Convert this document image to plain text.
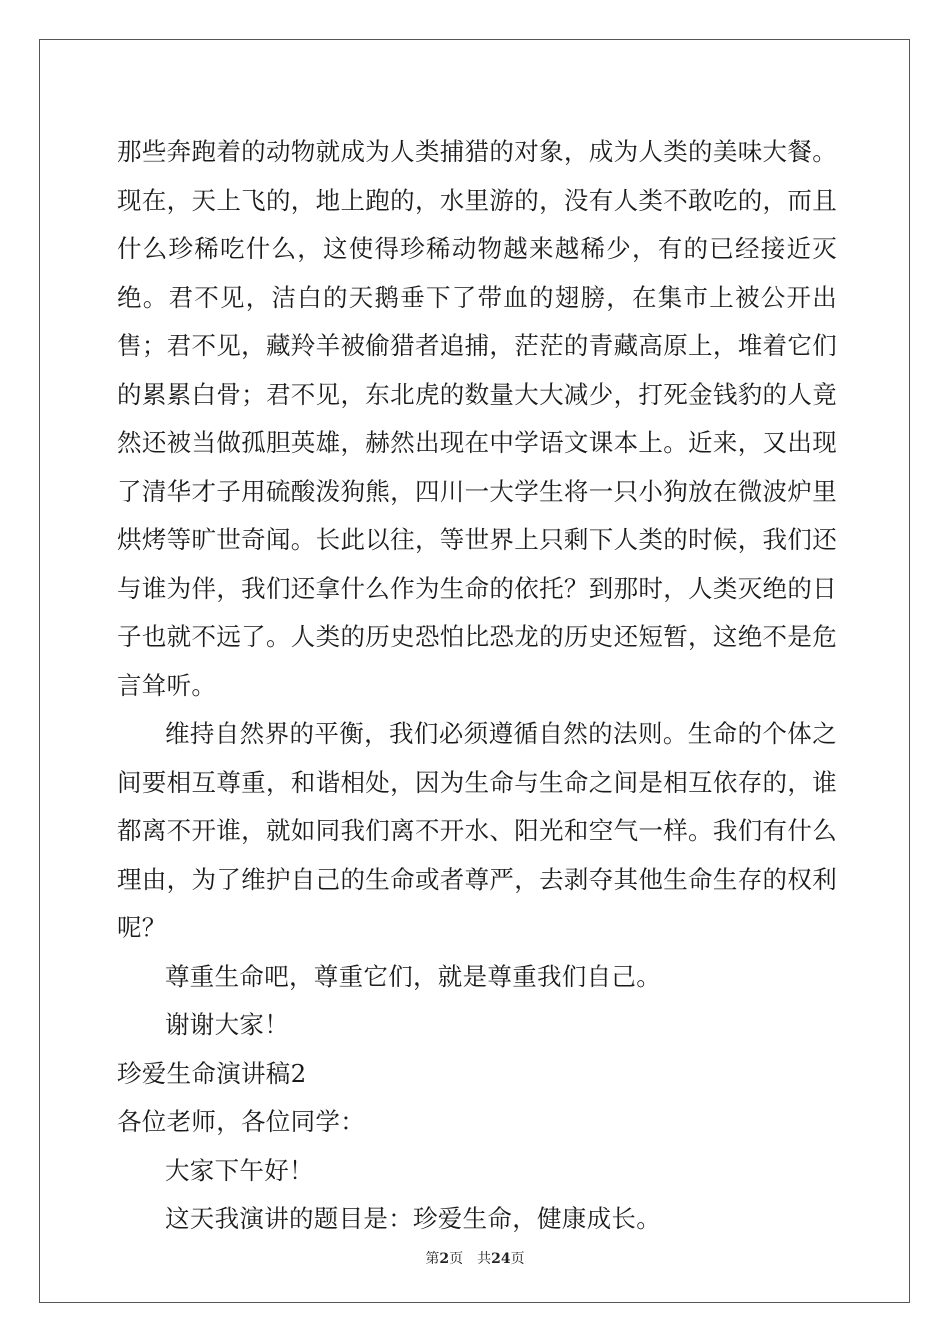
那些奔跑着的动物就成为人类捕猎的对象，成为人类的美味大餐。现在，天上飞的，地上跑的，水里游的，没有人类不敢吃的，而且什么珍稀吃什么，这使得珍稀动物越来越稀少，有的已经接近灭绝。君不见，洁白的天鹅垂下了带血的翅膀，在集市上被公开出售；君不见，藏羚羊被偷猎者追捕，茫茫的青藏高原上，堆着它们的累累白骨；君不见，东北虎的数量大大减少，打死金钱豹的人竟然还被当做孤胆英雄，赫然出现在中学语文课本上。近来，又出现了清华才子用硫酸泼狗熊，四川一大学生将一只小狗放在微波炉里烘烤等旷世奇闻。长此以往，等世界上只剩下人类的时候，我们还与谁为伴，我们还拿什么作为生命的依托？到那时，人类灭绝的日子也就不远了。人类的历史恐怕比恐龙的历史还短暂，这绝不是危言耸听。

维持自然界的平衡，我们必须遵循自然的法则。生命的个体之间要相互尊重，和谐相处，因为生命与生命之间是相互依存的，谁都离不开谁，就如同我们离不开水、阳光和空气一样。我们有什么理由，为了维护自己的生命或者尊严，去剥夺其他生命生存的权利呢？

尊重生命吧，尊重它们，就是尊重我们自己。

谢谢大家！

珍爱生命演讲稿2

各位老师，各位同学：

大家下午好！

这天我演讲的题目是：珍爱生命，健康成长。

第2页 共24页
